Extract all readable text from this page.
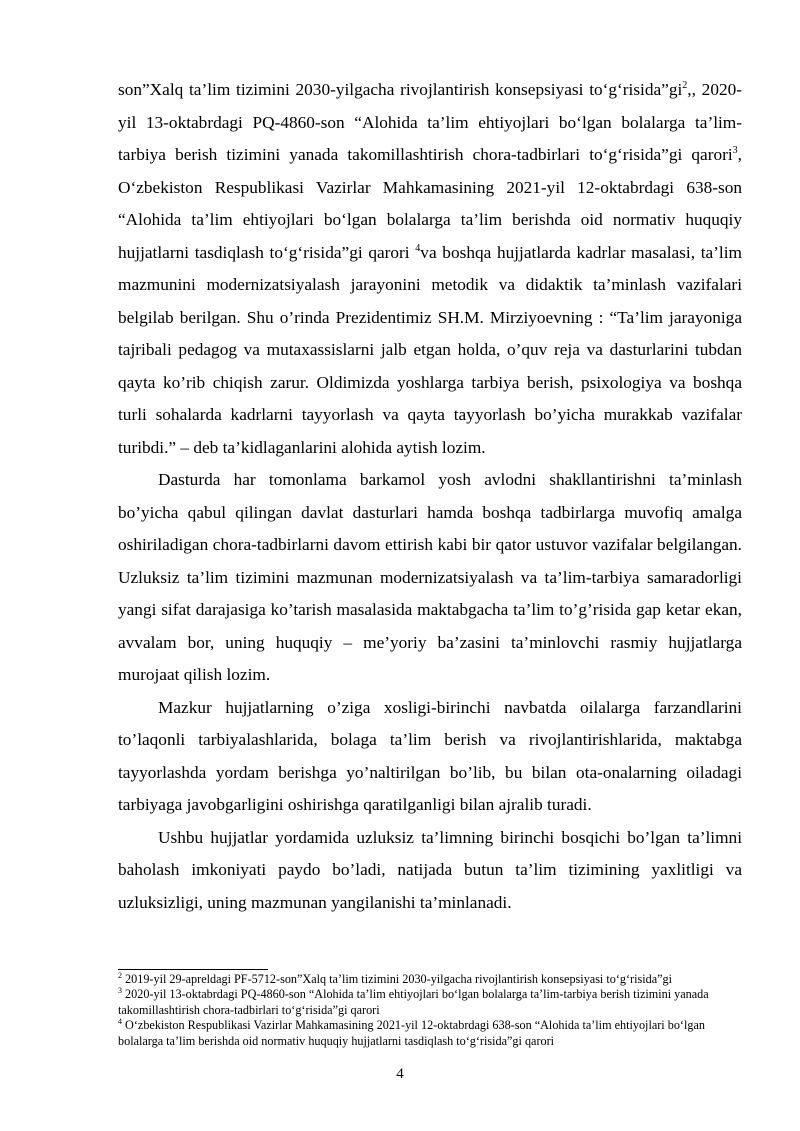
son”Xalq ta’lim tizimini 2030-yilgacha rivojlantirish konsepsiyasi $to‘g‘risida”gi^2$,, 2020-yil 13-oktabrdagi PQ-4860-son “Alohida ta’lim ehtiyojlari bo‘lgan bolalarga ta’lim-tarbiya berish tizimini yanada takomillashtirish chora-tadbirlari to‘g‘risida”gi qarori$^3$, O‘zbekiston Respublikasi Vazirlar Mahkamasining 2021-yil 12-oktabrdagi 638-son “Alohida ta’lim ehtiyojlari bo‘lgan bolalarga ta’lim berishda oid normativ huquqiy hujjatlarni tasdiqlash to‘g‘risida”gi qarori $^4$va boshqa hujjatlarda kadrlar masalasi, ta’lim mazmunini modernizatsiyalash jarayonini metodik va didaktik ta’minlash vazifalari belgilab berilgan. Shu o’rinda Prezidentimiz SH.M. Mirziyoevning : “Ta’lim jarayoniga tajribali pedagog va mutaxassislarni jalb etgan holda, o’quv reja va dasturlarini tubdan qayta ko’rib chiqish zarur. Oldimizda yoshlarga tarbiya berish, psixologiya va boshqa turli sohalarda kadrlarni tayyorlash va qayta tayyorlash bo’yicha murakkab vazifalar turibdi.” – deb ta’kidlaganlarini alohida aytish lozim.

Dasturda har tomonlama barkamol yosh avlodni shakllantirishni ta’minlash bo’yicha qabul qilingan davlat dasturlari hamda boshqa tadbirlarga muvofiq amalga oshiriladigan chora-tadbirlarni davom ettirish kabi bir qator ustuvor vazifalar belgilangan. Uzluksiz ta’lim tizimini mazmunan modernizatsiyalash va ta’lim-tarbiya samaradorligi yangi sifat darajasiga ko’tarish masalasida maktabgacha ta’lim to’g’risida gap ketar ekan, avvalam bor, uning huquqiy – me’yoriy ba’zasini ta’minlovchi rasmiy hujjatlarga murojaat qilish lozim.

Mazkur hujjatlarning o’ziga xosligi-birinchi navbatda oilalarga farzandlarini to’laqonli tarbiyalashlarida, bolaga ta’lim berish va rivojlantirishlarida, maktabga tayyorlashda yordam berishga yo’naltirilgan bo’lib, bu bilan ota-onalarning oiladagi tarbiyaga javobgarligini oshirishga qaratilganligi bilan ajralib turadi.

Ushbu hujjatlar yordamida uzluksiz ta’limning birinchi bosqichi bo’lgan ta’limni baholash imkoniyati paydo bo’ladi, natijada butun ta’lim tizimining yaxlitligi va uzluksizligi, uning mazmunan yangilanishi ta’minlanadi.

$^2$ 2019-yil 29-apreldagi PF-5712-son”Xalq ta’lim tizimini 2030-yilgacha rivojlantirish konsepsiyasi to‘g‘risida”gi

$^3$ 2020-yil 13-oktabrdagi PQ-4860-son “Alohida ta’lim ehtiyojlari bo‘lgan bolalarga ta’lim-tarbiya berish tizimini yanada takomillashtirish chora-tadbirlari to‘g‘risida”gi qarori

$^4$ O‘zbekiston Respublikasi Vazirlar Mahkamasining 2021-yil 12-oktabrdagi 638-son “Alohida ta’lim ehtiyojlari bo‘lgan bolalarga ta’lim berishda oid normativ huquqiy hujjatlarni tasdiqlash to‘g‘risida”gi qarori

4
